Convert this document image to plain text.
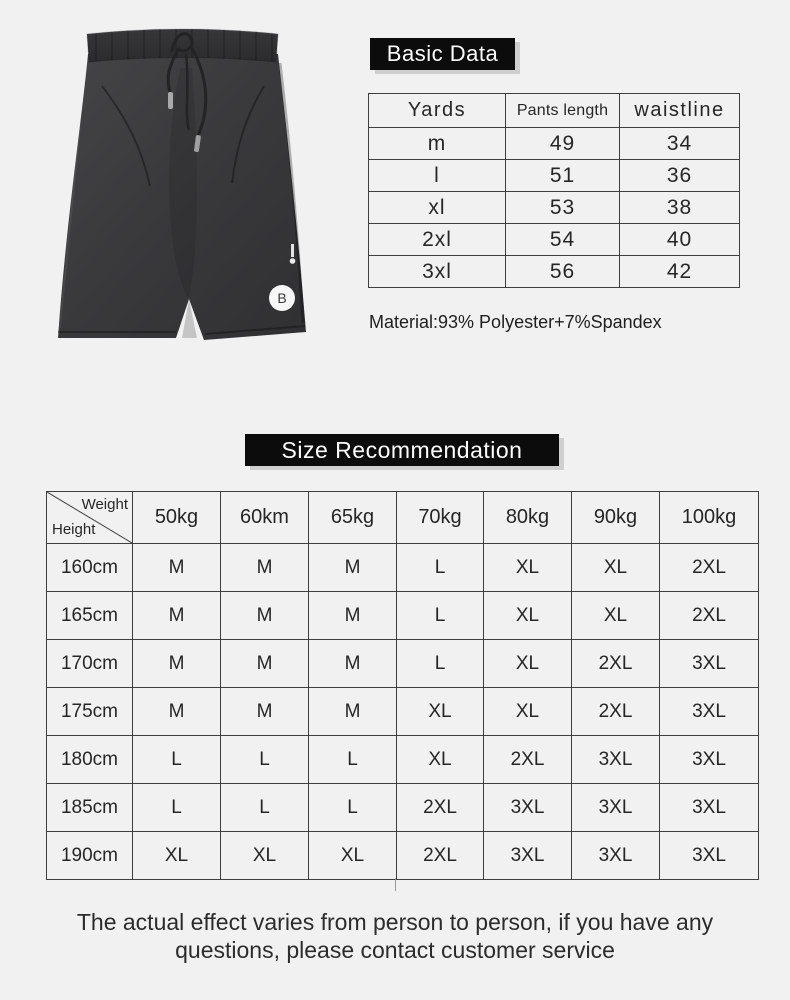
B
Basic Data
Yards	Pants length	waistline
m	49	34
l	51	36
xl	53	38
2xl	54	40
3xl	56	42
Material:93% Polyester+7%Spandex
Size Recommendation
Weight
Height	50kg	60km	65kg	70kg	80kg	90kg	100kg
160cm	M	M	M	L	XL	XL	2XL
165cm	M	M	M	L	XL	XL	2XL
170cm	M	M	M	L	XL	2XL	3XL
175cm	M	M	M	XL	XL	2XL	3XL
180cm	L	L	L	XL	2XL	3XL	3XL
185cm	L	L	L	2XL	3XL	3XL	3XL
190cm	XL	XL	XL	2XL	3XL	3XL	3XL
The actual effect varies from person to person, if you have any
questions, please contact customer service
